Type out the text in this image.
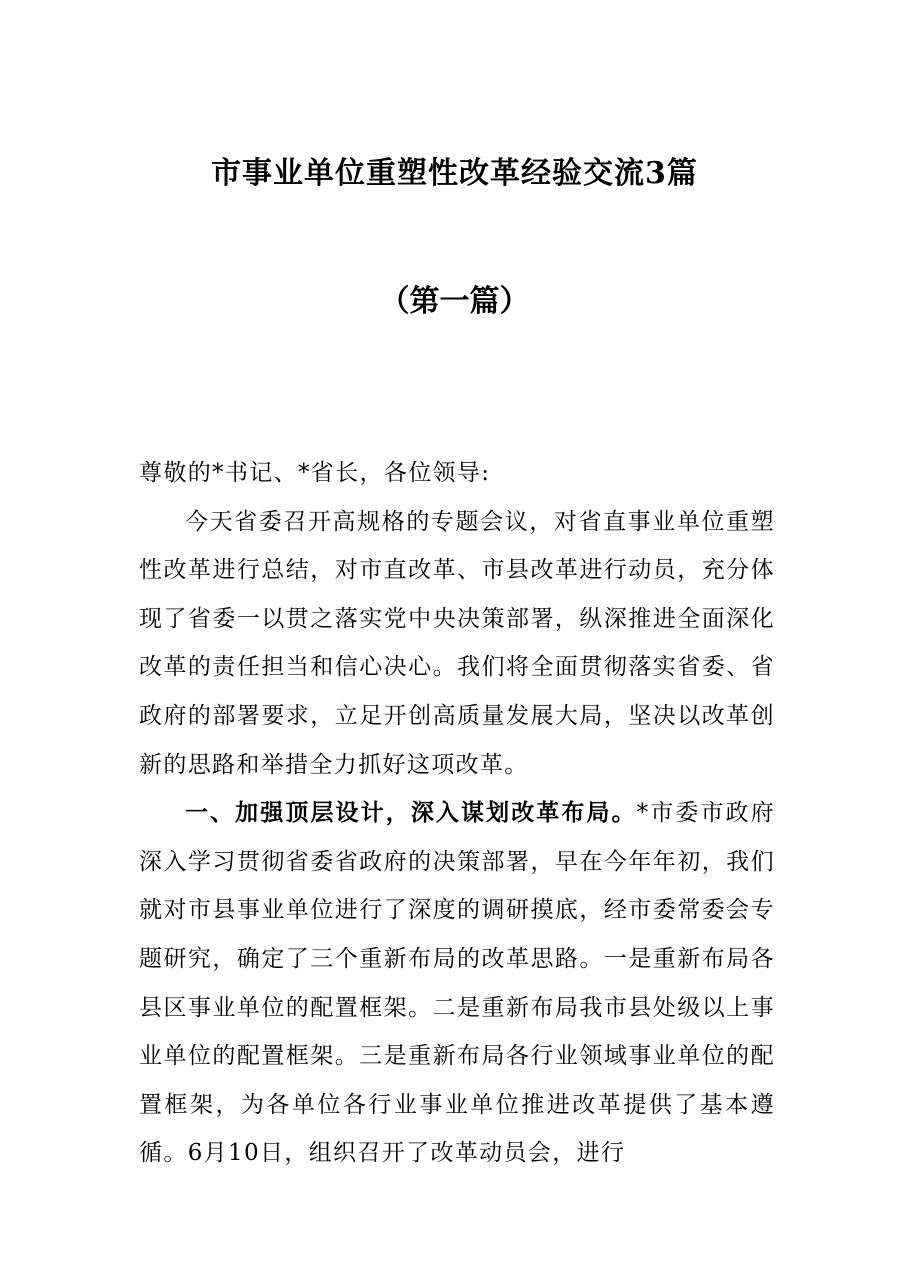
市事业单位重塑性改革经验交流3篇
（第一篇）

尊敬的*书记、*省长，各位领导:

今天省委召开高规格的专题会议，对省直事业单位重塑性改革进行总结，对市直改革、市县改革进行动员，充分体现了省委一以贯之落实党中央决策部署，纵深推进全面深化改革的责任担当和信心决心。我们将全面贯彻落实省委、省政府的部署要求，立足开创高质量发展大局，坚决以改革创新的思路和举措全力抓好这项改革。

一、加强顶层设计，深入谋划改革布局。*市委市政府深入学习贯彻省委省政府的决策部署，早在今年年初，我们就对市县事业单位进行了深度的调研摸底，经市委常委会专题研究，确定了三个重新布局的改革思路。一是重新布局各县区事业单位的配置框架。二是重新布局我市县处级以上事业单位的配置框架。三是重新布局各行业领域事业单位的配置框架，为各单位各行业事业单位推进改革提供了基本遵循。6月10日，组织召开了改革动员会，进行
